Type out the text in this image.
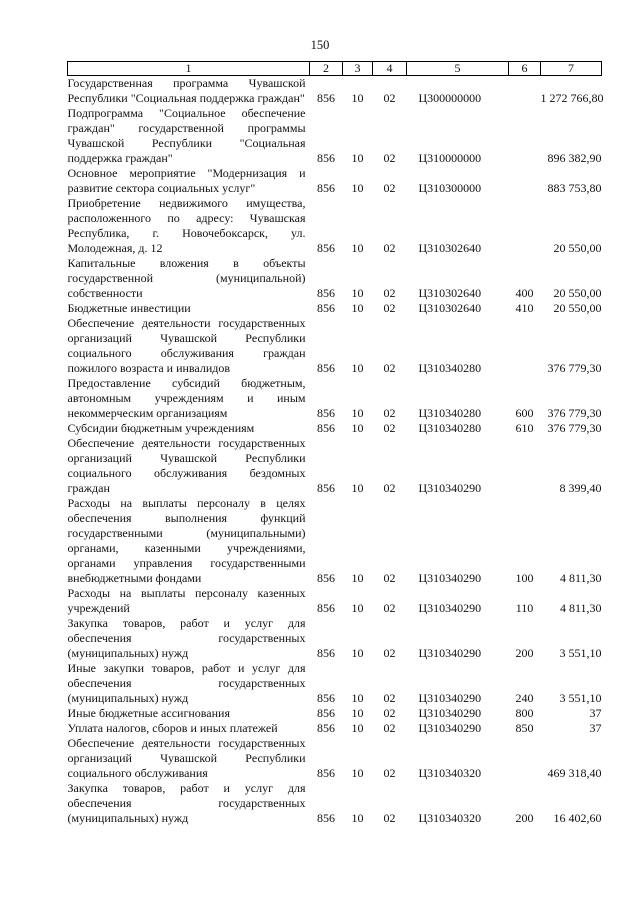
150
1	2	3	4	5	6	7
Государственная программа Чувашской Республики "Социальная поддержка граждан"	856	10	02	Ц300000000		1 272 766,80
Подпрограмма "Социальное обеспечение граждан" государственной программы Чувашской Республики "Социальная поддержка граждан"	856	10	02	Ц310000000		896 382,90
Основное мероприятие "Модернизация и развитие сектора социальных услуг"	856	10	02	Ц310300000		883 753,80
Приобретение недвижимого имущества, расположенного по адресу: Чувашская Республика, г. Новочебоксарск, ул. Молодежная, д. 12	856	10	02	Ц310302640		20 550,00
Капитальные вложения в объекты государственной (муниципальной) собственности	856	10	02	Ц310302640	400	20 550,00
Бюджетные инвестиции	856	10	02	Ц310302640	410	20 550,00
Обеспечение деятельности государственных организаций Чувашской Республики социального обслуживания граждан пожилого возраста и инвалидов	856	10	02	Ц310340280		376 779,30
Предоставление субсидий бюджетным, автономным учреждениям и иным некоммерческим организациям	856	10	02	Ц310340280	600	376 779,30
Субсидии бюджетным учреждениям	856	10	02	Ц310340280	610	376 779,30
Обеспечение деятельности государственных организаций Чувашской Республики социального обслуживания бездомных граждан	856	10	02	Ц310340290		8 399,40
Расходы на выплаты персоналу в целях обеспечения выполнения функций государственными (муниципальными) органами, казенными учреждениями, органами управления государственными внебюджетными фондами	856	10	02	Ц310340290	100	4 811,30
Расходы на выплаты персоналу казенных учреждений	856	10	02	Ц310340290	110	4 811,30
Закупка товаров, работ и услуг для обеспечения государственных (муниципальных) нужд	856	10	02	Ц310340290	200	3 551,10
Иные закупки товаров, работ и услуг для обеспечения государственных (муниципальных) нужд	856	10	02	Ц310340290	240	3 551,10
Иные бюджетные ассигнования	856	10	02	Ц310340290	800	37
Уплата налогов, сборов и иных платежей	856	10	02	Ц310340290	850	37
Обеспечение деятельности государственных организаций Чувашской Республики социального обслуживания	856	10	02	Ц310340320		469 318,40
Закупка товаров, работ и услуг для обеспечения государственных (муниципальных) нужд	856	10	02	Ц310340320	200	16 402,60
